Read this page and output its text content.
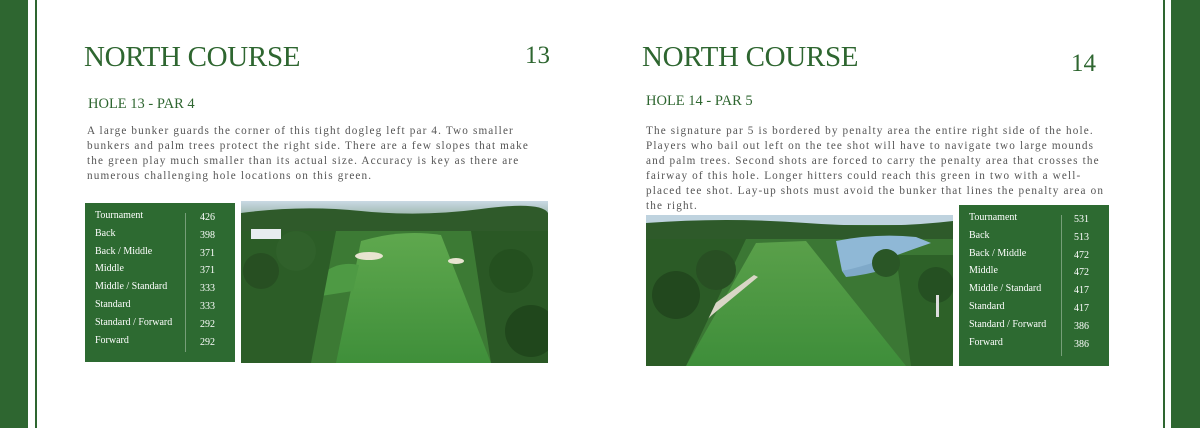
NORTH COURSE	13
HOLE 13 - PAR 4

A large bunker guards the corner of this tight dogleg left par 4. Two smaller bunkers and palm trees protect the right side. There are a few slopes that make the green play much smaller than its actual size. Accuracy is key as there are numerous challenging hole locations on this green.

Tournament	426
Back	398
Back / Middle	371
Middle	371
Middle / Standard	333
Standard	333
Standard / Forward	292
Forward	292
NORTH COURSE	14
HOLE 14 - PAR 5

The signature par 5 is bordered by penalty area the entire right side of the hole. Players who bail out left on the tee shot will have to navigate two large mounds and palm trees. Second shots are forced to carry the penalty area that crosses the fairway of this hole. Longer hitters could reach this green in two with a well-placed tee shot. Lay-up shots must avoid the bunker that lines the penalty area on the right.

Tournament	531
Back	513
Back / Middle	472
Middle	472
Middle / Standard	417
Standard	417
Standard / Forward	386
Forward	386
